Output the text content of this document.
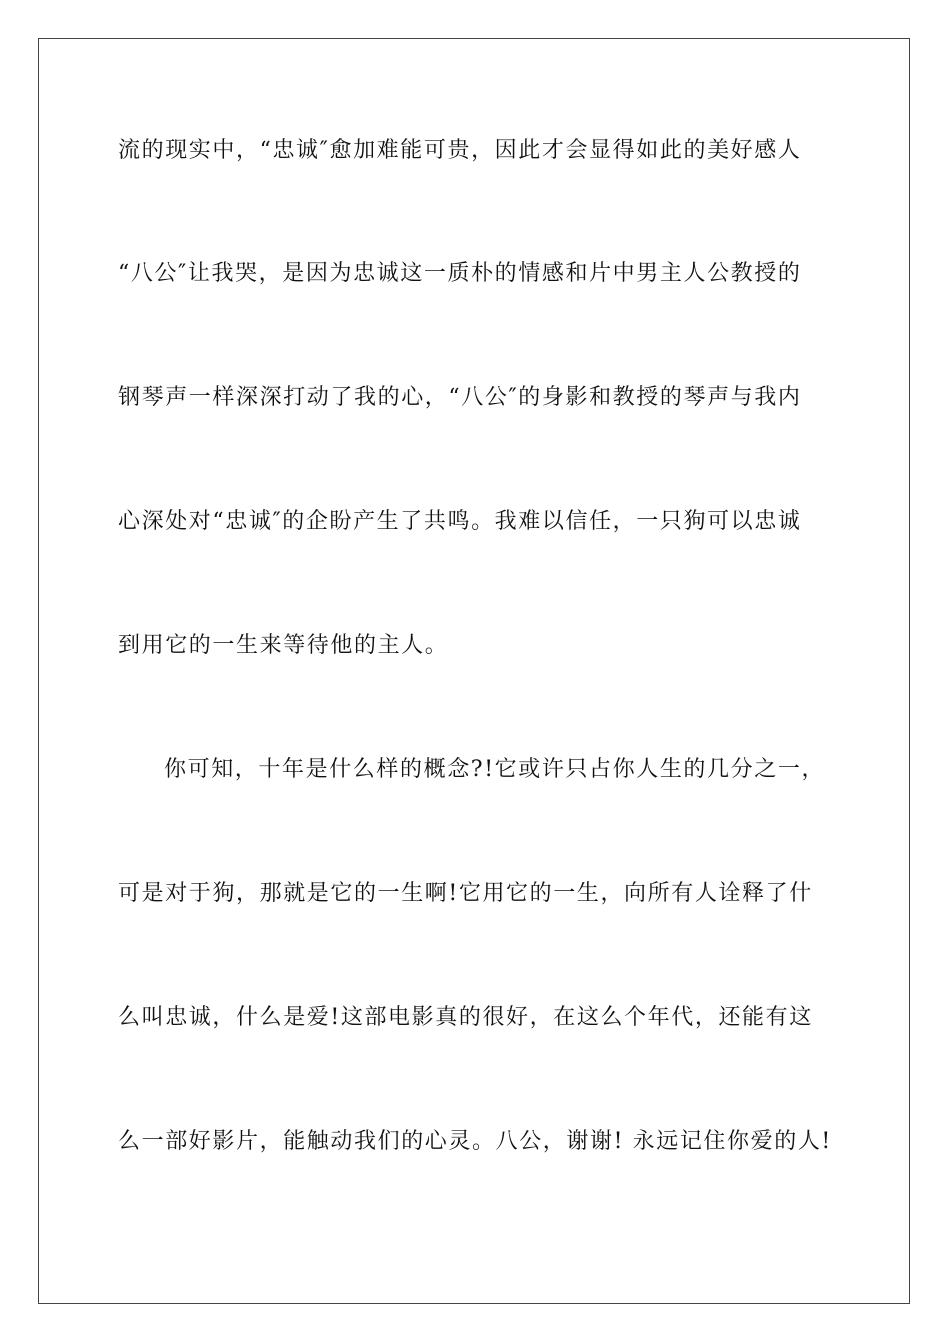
流的现实中，“忠诚″愈加难能可贵，因此才会显得如此的美好感人
“八公″让我哭，是因为忠诚这一质朴的情感和片中男主人公教授的
钢琴声一样深深打动了我的心，“八公″的身影和教授的琴声与我内
心深处对“忠诚″的企盼产生了共鸣。我难以信任，一只狗可以忠诚
到用它的一生来等待他的主人。
你可知，十年是什么样的概念?!它或许只占你人生的几分之一，
可是对于狗，那就是它的一生啊!它用它的一生，向所有人诠释了什
么叫忠诚，什么是爱!这部电影真的很好，在这么个年代，还能有这
么一部好影片，能触动我们的心灵。八公，谢谢! 永远记住你爱的人!
